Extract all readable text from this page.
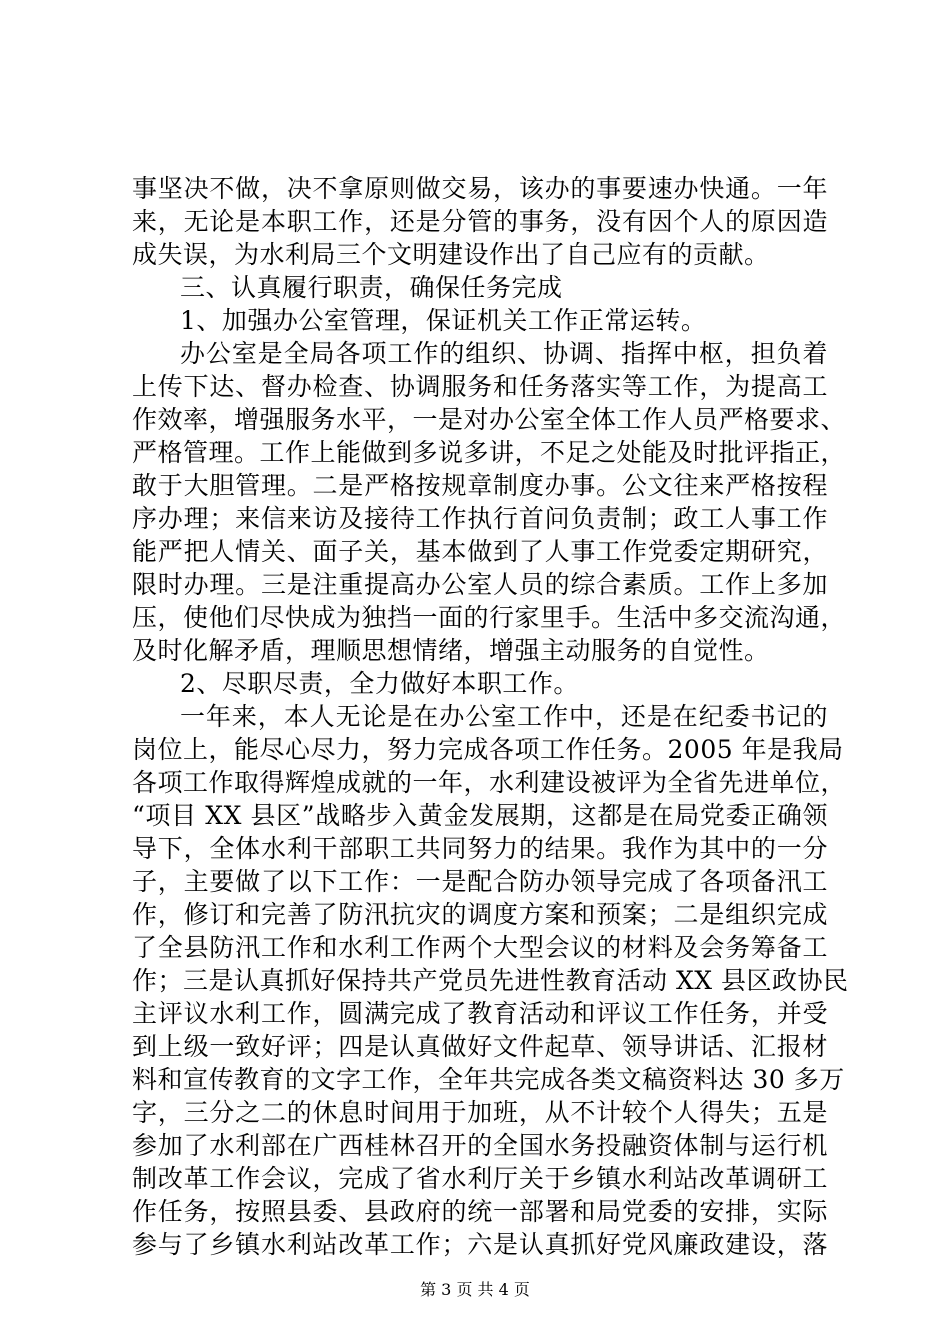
事坚决不做，决不拿原则做交易，该办的事要速办快通。一年
来，无论是本职工作，还是分管的事务，没有因个人的原因造
成失误，为水利局三个文明建设作出了自己应有的贡献。
三、认真履行职责，确保任务完成
1、加强办公室管理，保证机关工作正常运转。
办公室是全局各项工作的组织、协调、指挥中枢，担负着
上传下达、督办检查、协调服务和任务落实等工作，为提高工
作效率，增强服务水平，一是对办公室全体工作人员严格要求、
严格管理。工作上能做到多说多讲，不足之处能及时批评指正，
敢于大胆管理。二是严格按规章制度办事。公文往来严格按程
序办理；来信来访及接待工作执行首问负责制；政工人事工作
能严把人情关、面子关，基本做到了人事工作党委定期研究，
限时办理。三是注重提高办公室人员的综合素质。工作上多加
压，使他们尽快成为独挡一面的行家里手。生活中多交流沟通，
及时化解矛盾，理顺思想情绪，增强主动服务的自觉性。
2、尽职尽责，全力做好本职工作。
一年来，本人无论是在办公室工作中，还是在纪委书记的
岗位上，能尽心尽力，努力完成各项工作任务。2005 年是我局
各项工作取得辉煌成就的一年，水利建设被评为全省先进单位，
“项目 XX 县区”战略步入黄金发展期，这都是在局党委正确领
导下，全体水利干部职工共同努力的结果。我作为其中的一分
子，主要做了以下工作：一是配合防办领导完成了各项备汛工
作，修订和完善了防汛抗灾的调度方案和预案；二是组织完成
了全县防汛工作和水利工作两个大型会议的材料及会务筹备工
作；三是认真抓好保持共产党员先进性教育活动 XX 县区政协民
主评议水利工作，圆满完成了教育活动和评议工作任务，并受
到上级一致好评；四是认真做好文件起草、领导讲话、汇报材
料和宣传教育的文字工作，全年共完成各类文稿资料达 30 多万
字，三分之二的休息时间用于加班，从不计较个人得失；五是
参加了水利部在广西桂林召开的全国水务投融资体制与运行机
制改革工作会议，完成了省水利厅关于乡镇水利站改革调研工
作任务，按照县委、县政府的统一部署和局党委的安排，实际
参与了乡镇水利站改革工作；六是认真抓好党风廉政建设，落
第 3 页 共 4 页
